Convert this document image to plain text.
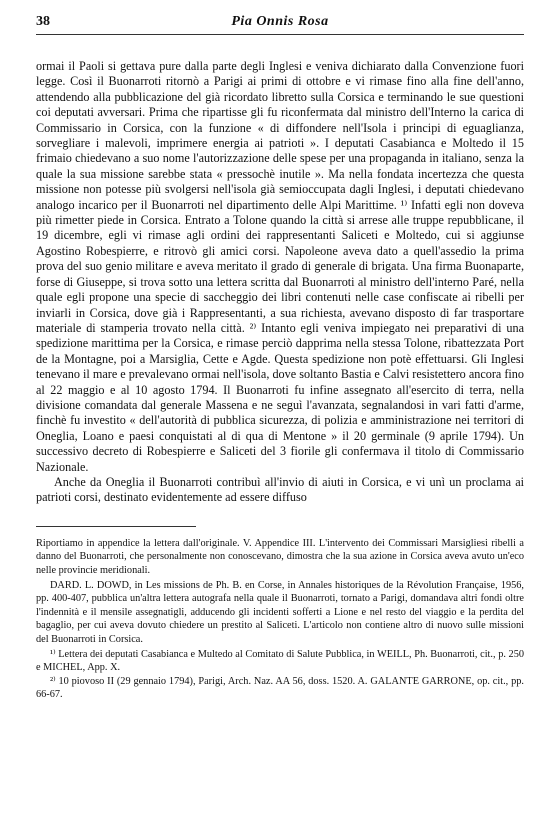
38	Pia Onnis Rosa

ormai il Paoli si gettava pure dalla parte degli Inglesi e veniva dichiarato dalla Convenzione fuori legge. Così il Buonarroti ritornò a Parigi ai primi di ottobre e vi rimase fino alla fine dell'anno, attendendo alla pubblicazione del già ricordato libretto sulla Corsica e terminando le sue questioni coi deputati avversari. Prima che ripartisse gli fu riconfermata dal ministro dell'Interno la carica di Commissario in Corsica, con la funzione « di diffondere nell'Isola i principi di eguaglianza, sorvegliare i malevoli, imprimere energia ai patrioti ». I deputati Casabianca e Moltedo il 15 frimaio chiedevano a suo nome l'autorizzazione delle spese per una propaganda in italiano, senza la quale la sua missione sarebbe stata « pressochè inutile ». Ma nella fondata incertezza che questa missione non potesse più svolgersi nell'isola già semioccupata dagli Inglesi, i deputati chiedevano analogo incarico per il Buonarroti nel dipartimento delle Alpi Marittime. ¹⁾ Infatti egli non doveva più rimetter piede in Corsica. Entrato a Tolone quando la città si arrese alle truppe repubblicane, il 19 dicembre, egli vi rimase agli ordini dei rappresentanti Saliceti e Moltedo, cui si aggiunse Agostino Robespierre, e ritrovò gli amici corsi. Napoleone aveva dato a quell'assedio la prima prova del suo genio militare e aveva meritato il grado di generale di brigata. Una firma Buonaparte, forse di Giuseppe, si trova sotto una lettera scritta dal Buonarroti al ministro dell'interno Paré, nella quale egli propone una specie di saccheggio dei libri contenuti nelle case confiscate ai ribelli per inviarli in Corsica, dove già i Rappresentanti, a sua richiesta, avevano disposto di far trasportare materiale di stamperia trovato nella città. ²⁾ Intanto egli veniva impiegato nei preparativi di una spedizione marittima per la Corsica, e rimase perciò dapprima nella stessa Tolone, ribattezzata Port de la Montagne, poi a Marsiglia, Cette e Agde. Questa spedizione non potè effettuarsi. Gli Inglesi tenevano il mare e prevalevano ormai nell'isola, dove soltanto Bastia e Calvi resistettero ancora fino al 22 maggio e al 10 agosto 1794. Il Buonarroti fu infine assegnato all'esercito di terra, nella divisione comandata dal generale Massena e ne seguì l'avanzata, segnalandosi in vari fatti d'arme, finchè fu investito « dell'autorità di pubblica sicurezza, di polizia e amministrazione nei territori di Oneglia, Loano e paesi conquistati al di qua di Mentone » il 20 germinale (9 aprile 1794). Un successivo decreto di Robespierre e Saliceti del 3 fiorile gli confermava il titolo di Commissario Nazionale.

Anche da Oneglia il Buonarroti contribuì all'invio di aiuti in Corsica, e vi unì un proclama ai patrioti corsi, destinato evidentemente ad essere diffuso

Riportiamo in appendice la lettera dall'originale. V. Appendice III. L'intervento dei Commissari Marsigliesi ribelli a danno del Buonarroti, che personalmente non conoscevano, dimostra che la sua azione in Corsica aveva avuto un'eco nelle provincie meridionali.

DARD. L. DOWD, in Les missions de Ph. B. en Corse, in Annales historiques de la Révolution Française, 1956, pp. 400-407, pubblica un'altra lettera autografa nella quale il Buonarroti, tornato a Parigi, domandava altri fondi oltre l'indennità e il mensile assegnatigli, adducendo gli incidenti sofferti a Lione e nel resto del viaggio e la perdita del bagaglio, per cui aveva dovuto chiedere un prestito al Saliceti. L'articolo non contiene altro di nuovo sulle missioni del Buonarroti in Corsica.

¹⁾ Lettera dei deputati Casabianca e Multedo al Comitato di Salute Pubblica, in WEILL, Ph. Buonarroti, cit., p. 250 e MICHEL, App. X.

²⁾ 10 piovoso II (29 gennaio 1794), Parigi, Arch. Naz. AA 56, doss. 1520. A. GALANTE GARRONE, op. cit., pp. 66-67.
